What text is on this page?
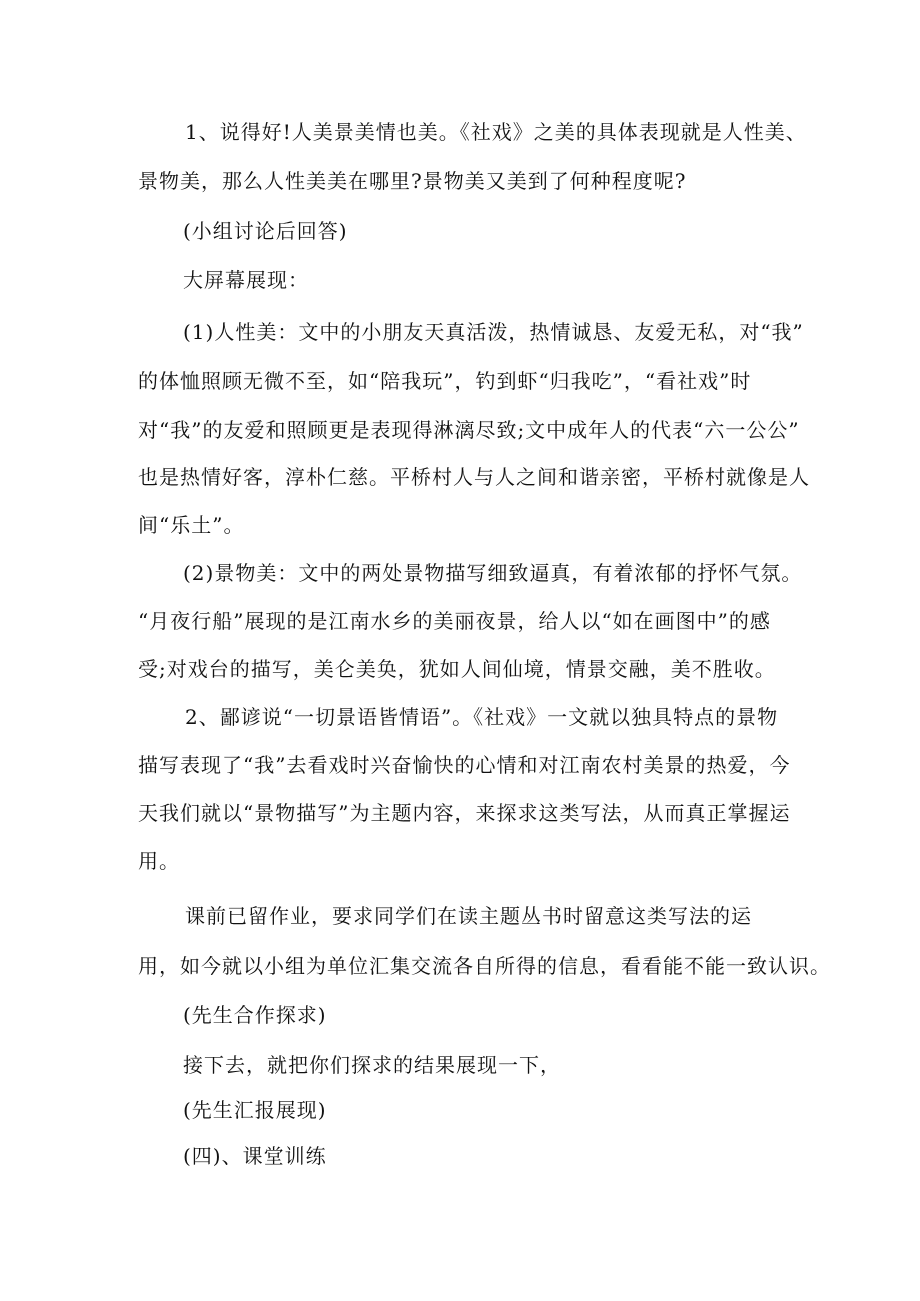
1、说得好!人美景美情也美。《社戏》之美的具体表现就是人性美、
景物美，那么人性美美在哪里?景物美又美到了何种程度呢?
(小组讨论后回答)
大屏幕展现：
(1)人性美：文中的小朋友天真活泼，热情诚恳、友爱无私，对“我”
的体恤照顾无微不至，如“陪我玩”，钓到虾“归我吃”，“看社戏”时
对“我”的友爱和照顾更是表现得淋漓尽致;文中成年人的代表“六一公公”
也是热情好客，淳朴仁慈。平桥村人与人之间和谐亲密，平桥村就像是人
间“乐土”。
(2)景物美：文中的两处景物描写细致逼真，有着浓郁的抒怀气氛。
“月夜行船”展现的是江南水乡的美丽夜景，给人以“如在画图中”的感
受;对戏台的描写，美仑美奂，犹如人间仙境，情景交融，美不胜收。
2、鄙谚说“一切景语皆情语”。《社戏》一文就以独具特点的景物
描写表现了“我”去看戏时兴奋愉快的心情和对江南农村美景的热爱，今
天我们就以“景物描写”为主题内容，来探求这类写法，从而真正掌握运
用。
课前已留作业，要求同学们在读主题丛书时留意这类写法的运
用，如今就以小组为单位汇集交流各自所得的信息，看看能不能一致认识。
(先生合作探求)
接下去，就把你们探求的结果展现一下，
(先生汇报展现)
(四)、课堂训练
